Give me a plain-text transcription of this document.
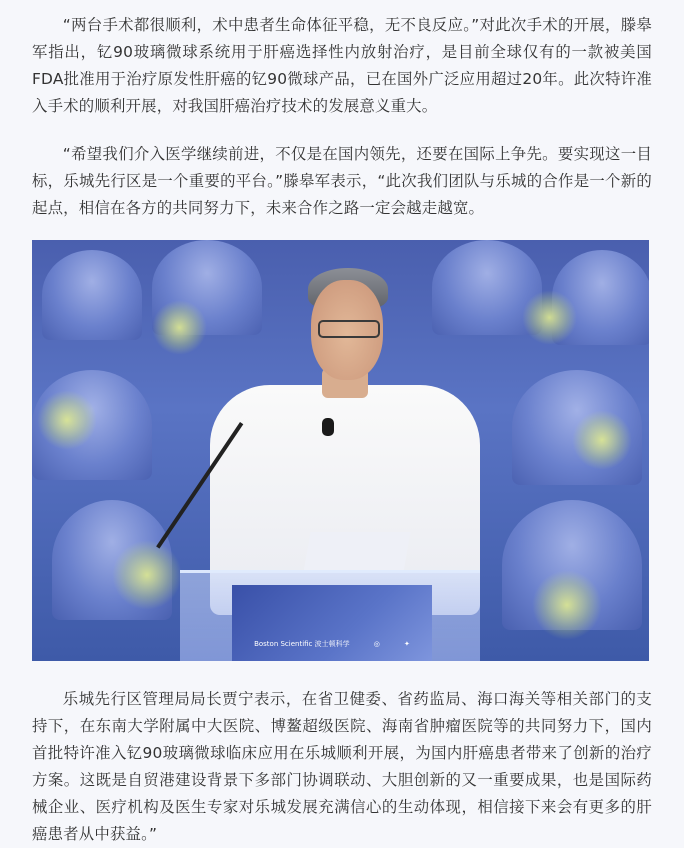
“两台手术都很顺利，术中患者生命体征平稳，无不良反应。”对此次手术的开展，滕皋军指出，钇90玻璃微球系统用于肝癌选择性内放射治疗，是目前全球仅有的一款被美国FDA批准用于治疗原发性肝癌的钇90微球产品，已在国外广泛应用超过20年。此次特许准入手术的顺利开展，对我国肝癌治疗技术的发展意义重大。

“希望我们介入医学继续前进，不仅是在国内领先，还要在国际上争先。要实现这一目标，乐城先行区是一个重要的平台。”滕皋军表示，“此次我们团队与乐城的合作是一个新的起点，相信在各方的共同努力下，未来合作之路一定会越走越宽。

Boston Scientific 波士顿科学	◎	✦

乐城先行区管理局局长贾宁表示，在省卫健委、省药监局、海口海关等相关部门的支持下，在东南大学附属中大医院、博鳌超级医院、海南省肿瘤医院等的共同努力下，国内首批特许准入钇90玻璃微球临床应用在乐城顺利开展，为国内肝癌患者带来了创新的治疗方案。这既是自贸港建设背景下多部门协调联动、大胆创新的又一重要成果，也是国际药械企业、医疗机构及医生专家对乐城发展充满信心的生动体现，相信接下来会有更多的肝癌患者从中获益。”
